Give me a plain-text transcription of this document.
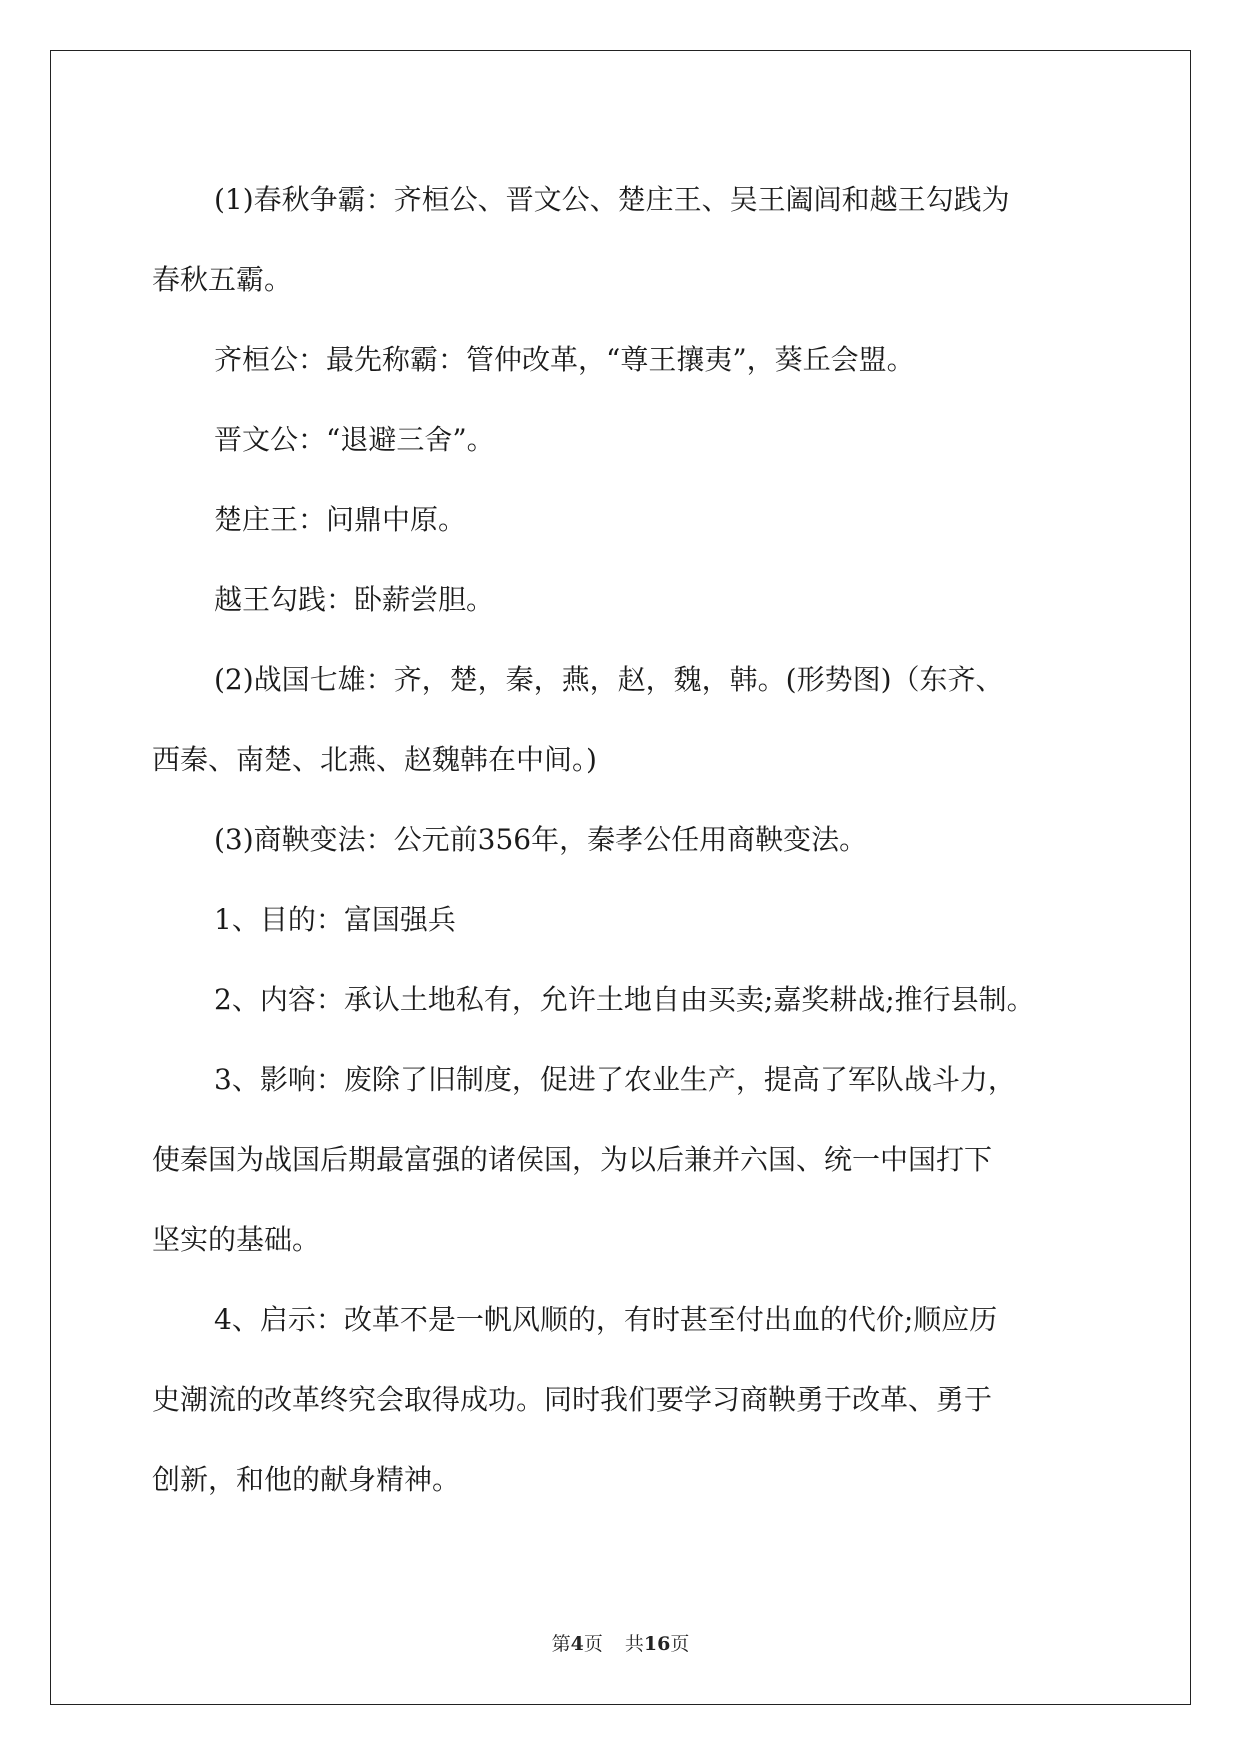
(1)春秋争霸：齐桓公、晋文公、楚庄王、吴王阖闾和越王勾践为

春秋五霸。

齐桓公：最先称霸：管仲改革，“尊王攘夷”，葵丘会盟。

晋文公：“退避三舍”。

楚庄王：问鼎中原。

越王勾践：卧薪尝胆。

(2)战国七雄：齐，楚，秦，燕，赵，魏，韩。(形势图)（东齐、

西秦、南楚、北燕、赵魏韩在中间。)

(3)商鞅变法：公元前356年，秦孝公任用商鞅变法。

1、目的：富国强兵

2、内容：承认土地私有，允许土地自由买卖;嘉奖耕战;推行县制。

3、影响：废除了旧制度，促进了农业生产，提高了军队战斗力，

使秦国为战国后期最富强的诸侯国，为以后兼并六国、统一中国打下

坚实的基础。

4、启示：改革不是一帆风顺的，有时甚至付出血的代价;顺应历

史潮流的改革终究会取得成功。同时我们要学习商鞅勇于改革、勇于

创新，和他的献身精神。

第4页 共16页
